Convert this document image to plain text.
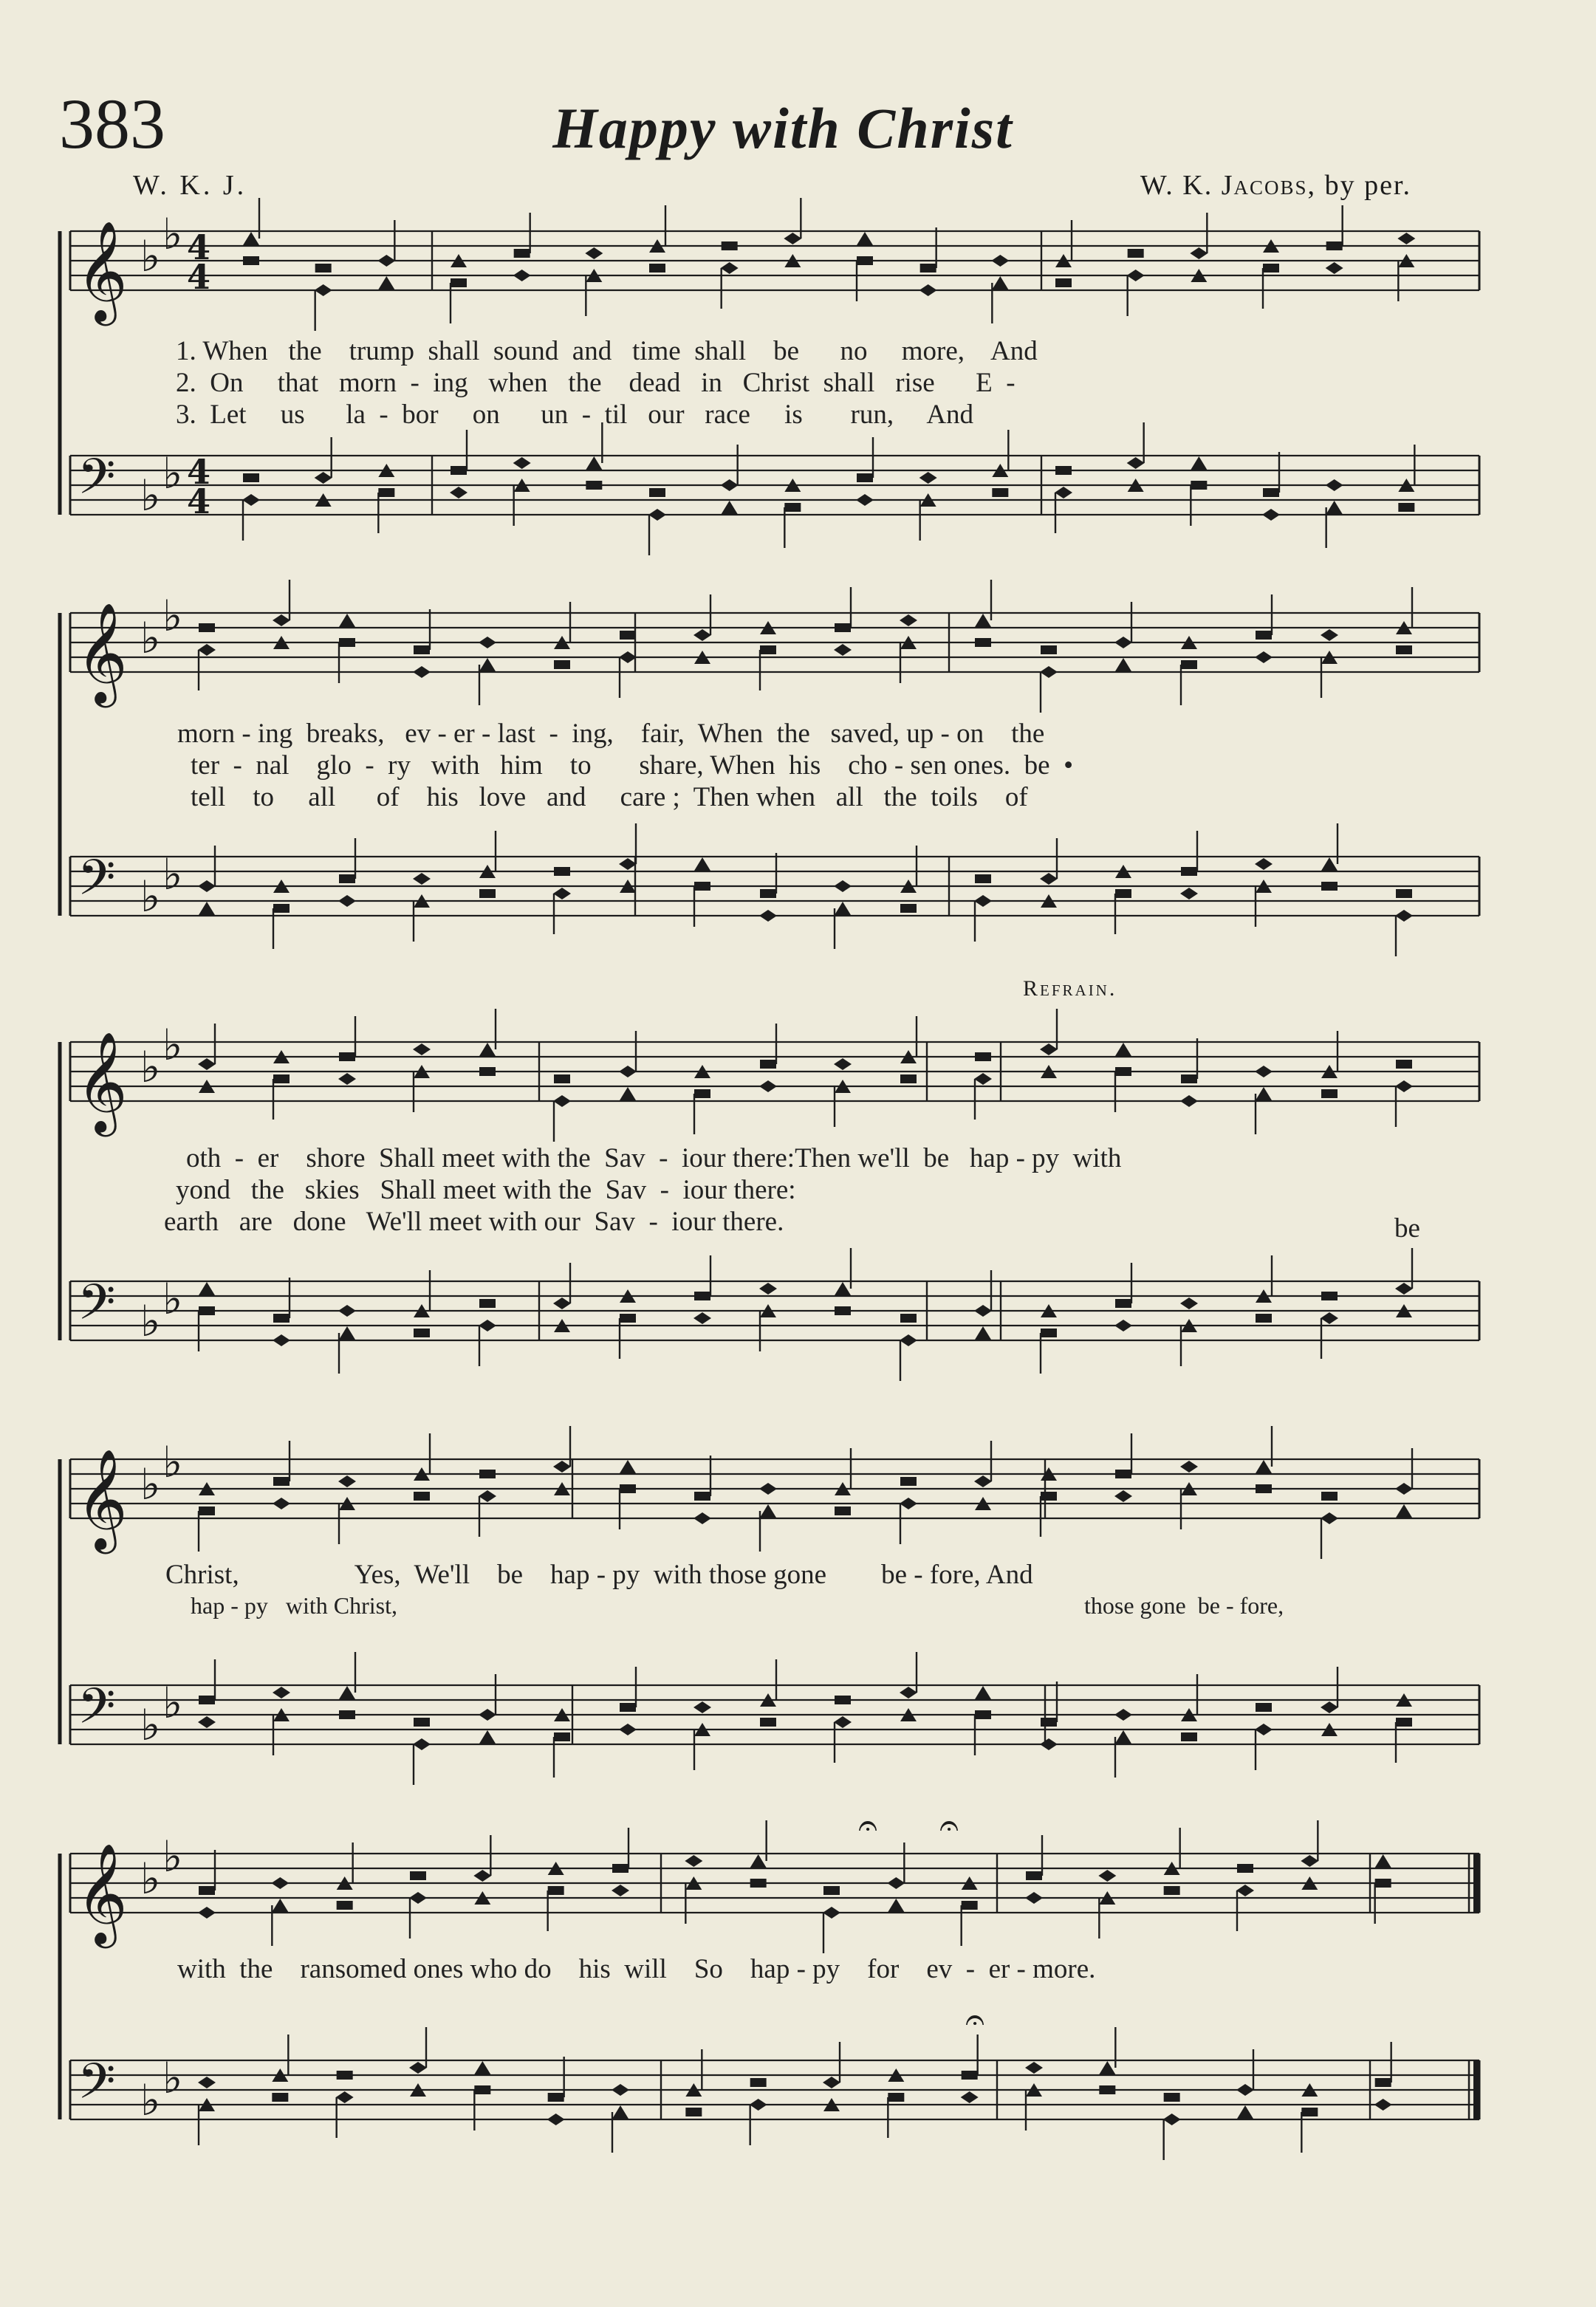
383	Happy with Christ
W. K. J.	W. K. Jacobs, by per.
𝄞 ♭ ♭ 4
4
𝄢 ♭ ♭ 4
4
𝄞 ♭ ♭
𝄢 ♭ ♭
𝄞 ♭ ♭
𝄢 ♭ ♭
𝄞 ♭ ♭
𝄢 ♭ ♭
𝄞 ♭ ♭
𝄢 ♭ ♭
𝄐 𝄐
𝄐
1. When   the    trump  shall  sound  and   time  shall    be      no     more,    And
2.  On     that   morn  -  ing   when   the    dead   in   Christ  shall   rise      E  -
3.  Let     us      la  -  bor     on      un  -  til   our   race     is       run,     And
morn - ing  breaks,   ev - er - last  -  ing,    fair,  When  the   saved, up - on    the
ter  -  nal    glo  -  ry   with   him    to       share, When  his    cho - sen ones.  be  •
tell    to     all      of    his   love   and     care ;  Then when   all   the  toils    of
oth  -  er    shore  Shall meet with the  Sav  -  iour there:Then we'll  be   hap - py  with
yond   the   skies   Shall meet with the  Sav  -  iour there:
earth   are   done   We'll meet with our  Sav  -  iour there.	be
Refrain.
Christ,                 Yes,  We'll    be    hap - py  with those gone        be - fore, And
hap - py   with Christ,	those gone  be - fore,
with  the    ransomed ones who do    his  will    So    hap - py    for    ev  -  er - more.
